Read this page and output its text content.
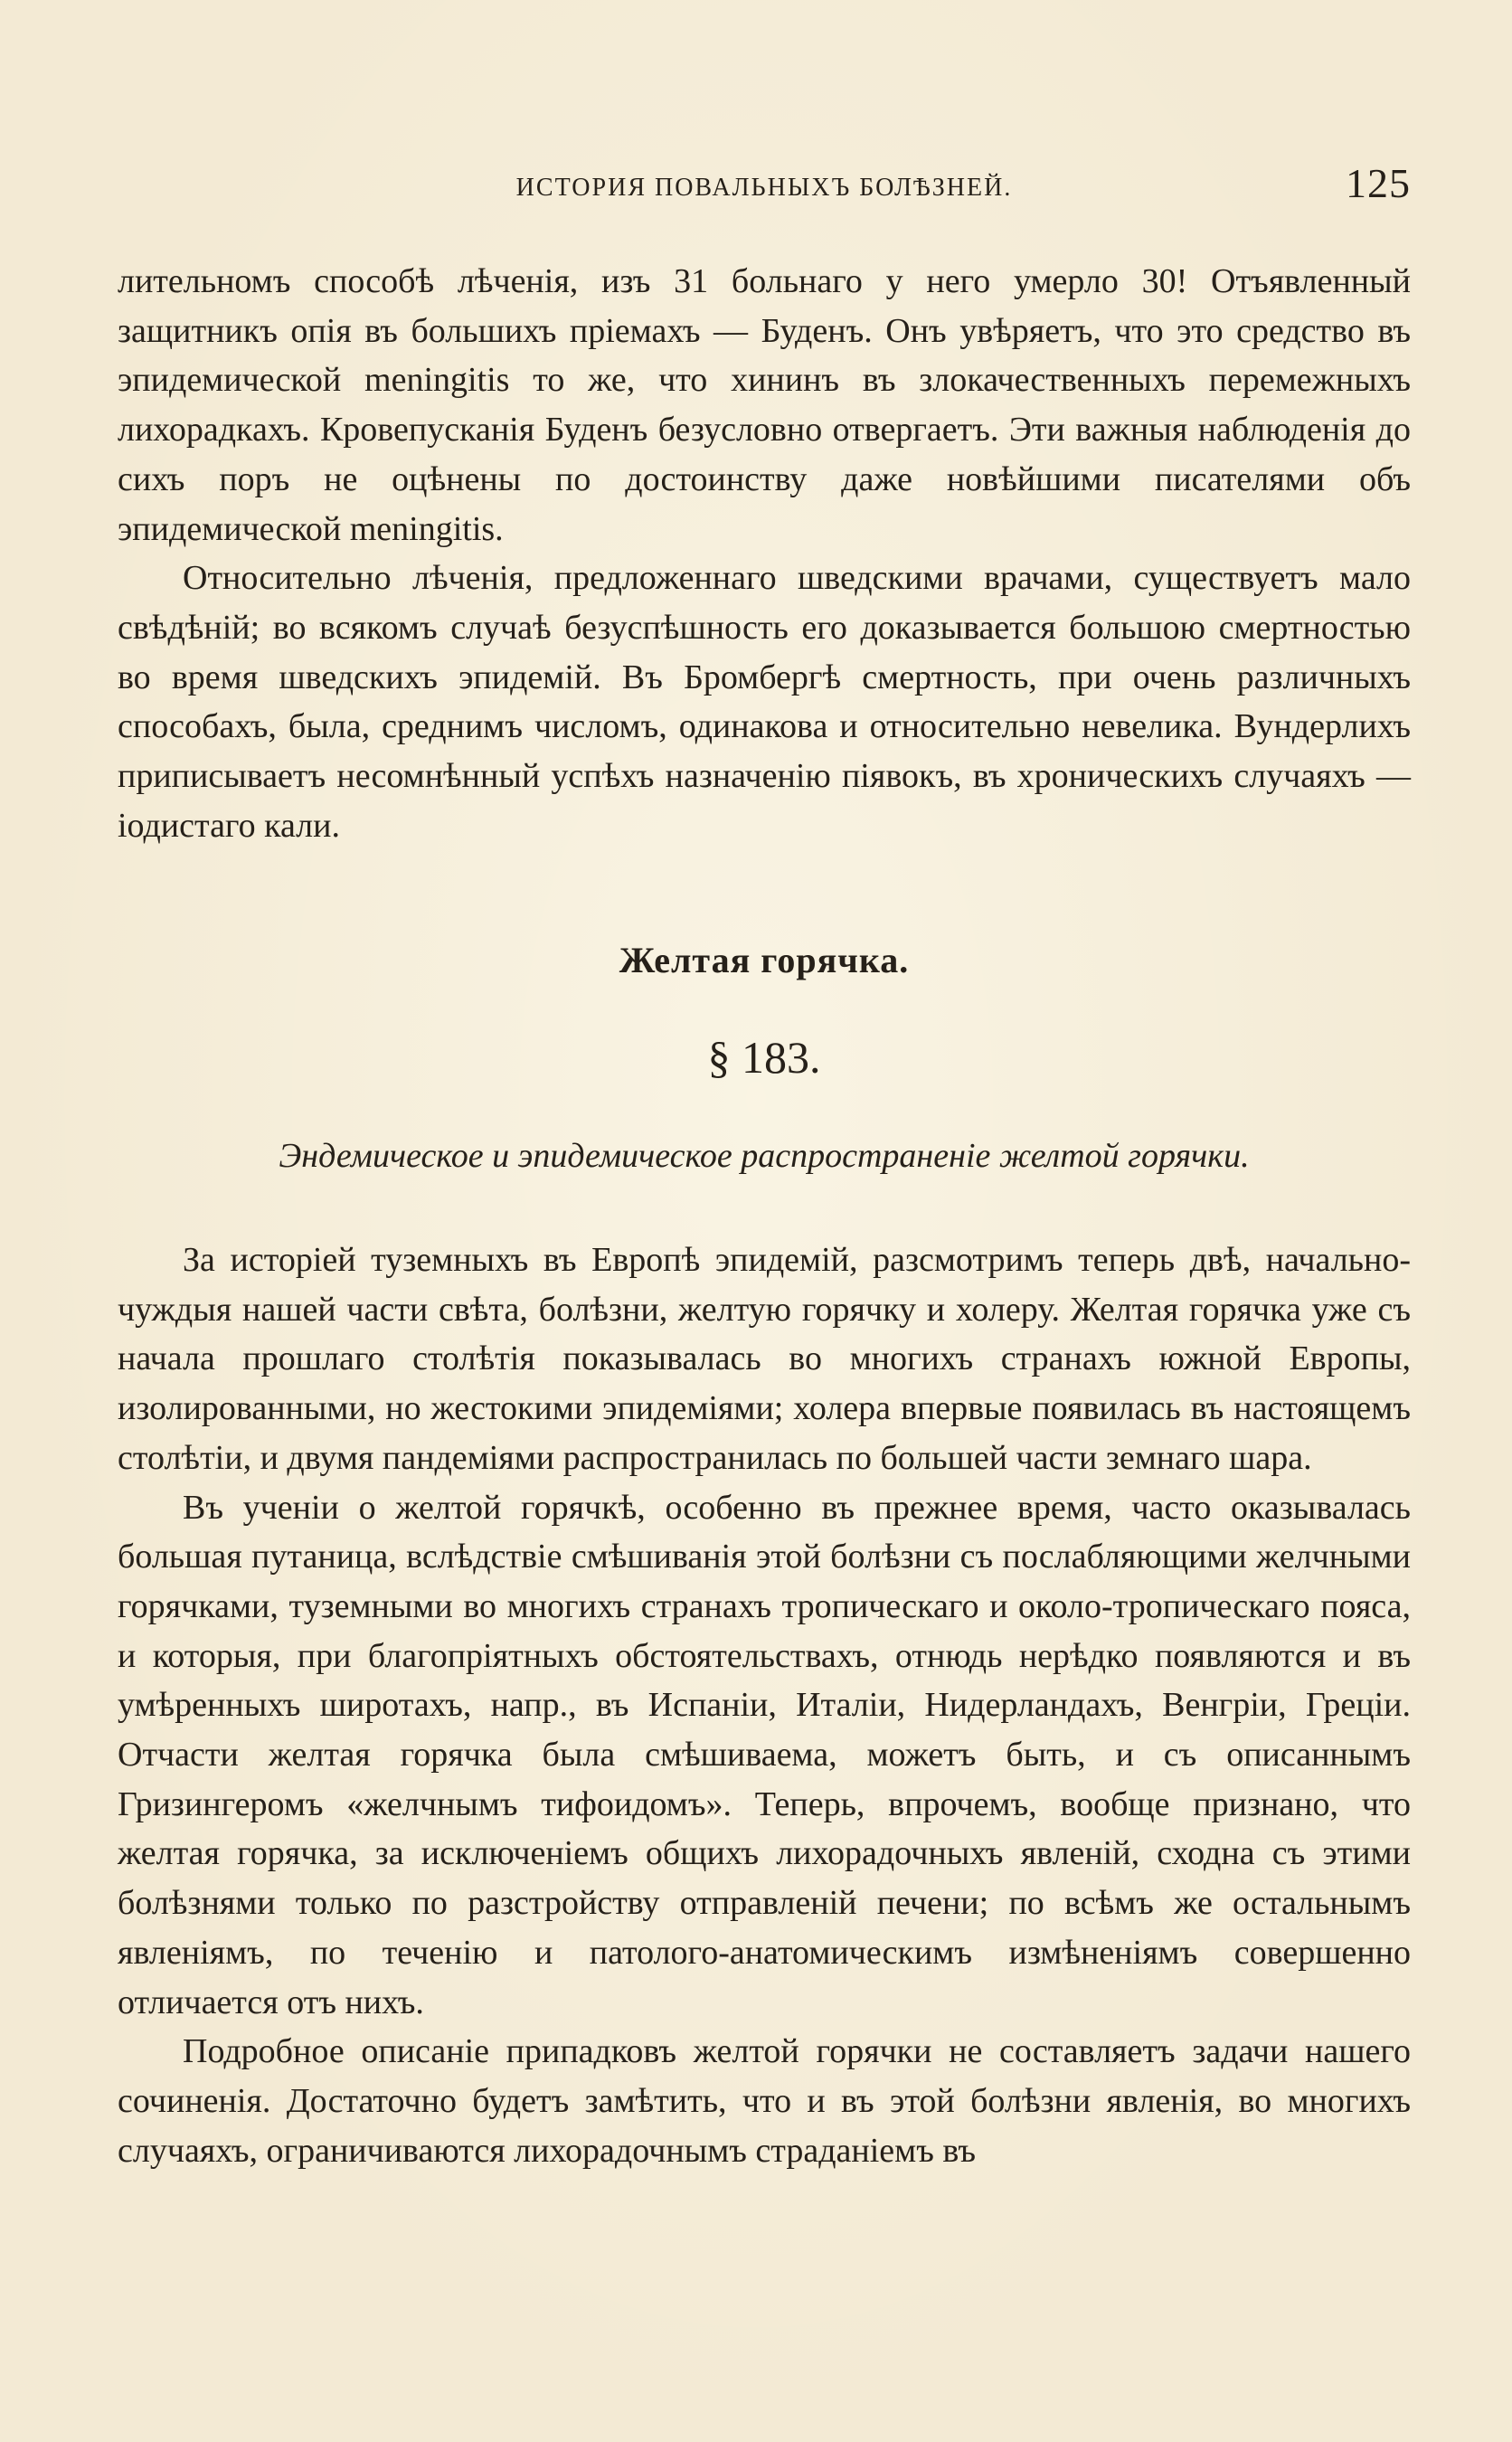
ИСТОРИЯ ПОВАЛЬНЫХЪ БОЛѢЗНЕЙ.	125

лительномъ способѣ лѣченія, изъ 31 больнаго у него умерло 30! Отъявленный защитникъ опія въ большихъ пріемахъ — Буденъ. Онъ увѣряетъ, что это средство въ эпидемической meningitis то же, что хининъ въ злокачественныхъ перемежныхъ лихорадкахъ. Кровепусканія Буденъ безусловно отвергаетъ. Эти важныя наблюденія до сихъ поръ не оцѣнены по достоинству даже новѣйшими писателями объ эпидемической meningitis.

Относительно лѣченія, предложеннаго шведскими врачами, существуетъ мало свѣдѣній; во всякомъ случаѣ безуспѣшность его доказывается большою смертностью во время шведскихъ эпидемій. Въ Бромбергѣ смертность, при очень различныхъ способахъ, была, среднимъ числомъ, одинакова и относительно невелика. Вундерлихъ приписываетъ несомнѣнный успѣхъ назначенію піявокъ, въ хроническихъ случаяхъ — іодистаго кали.

Желтая горячка.
§ 183.
Эндемическое и эпидемическое распространеніе желтой горячки.

За исторіей туземныхъ въ Европѣ эпидемій, разсмотримъ теперь двѣ, начально-чуждыя нашей части свѣта, болѣзни, желтую горячку и холеру. Желтая горячка уже съ начала прошлаго столѣтія показывалась во многихъ странахъ южной Европы, изолированными, но жестокими эпидеміями; холера впервые появилась въ настоящемъ столѣтіи, и двумя пандеміями распространилась по большей части земнаго шара.

Въ ученіи о желтой горячкѣ, особенно въ прежнее время, часто оказывалась большая путаница, вслѣдствіе смѣшиванія этой болѣзни съ послабляющими желчными горячками, туземными во многихъ странахъ тропическаго и около-тропическаго пояса, и которыя, при благопріятныхъ обстоятельствахъ, отнюдь нерѣдко появляются и въ умѣренныхъ широтахъ, напр., въ Испаніи, Италіи, Нидерландахъ, Венгріи, Греціи. Отчасти желтая горячка была смѣшиваема, можетъ быть, и съ описаннымъ Гризингеромъ «желчнымъ тифоидомъ». Теперь, впрочемъ, вообще признано, что желтая горячка, за исключеніемъ общихъ лихорадочныхъ явленій, сходна съ этими болѣзнями только по разстройству отправленій печени; по всѣмъ же остальнымъ явленіямъ, по теченію и патолого-анатомическимъ измѣненіямъ совершенно отличается отъ нихъ.

Подробное описаніе припадковъ желтой горячки не составляетъ задачи нашего сочиненія. Достаточно будетъ замѣтить, что и въ этой болѣзни явленія, во многихъ случаяхъ, ограничиваются лихорадочнымъ страданіемъ въ
